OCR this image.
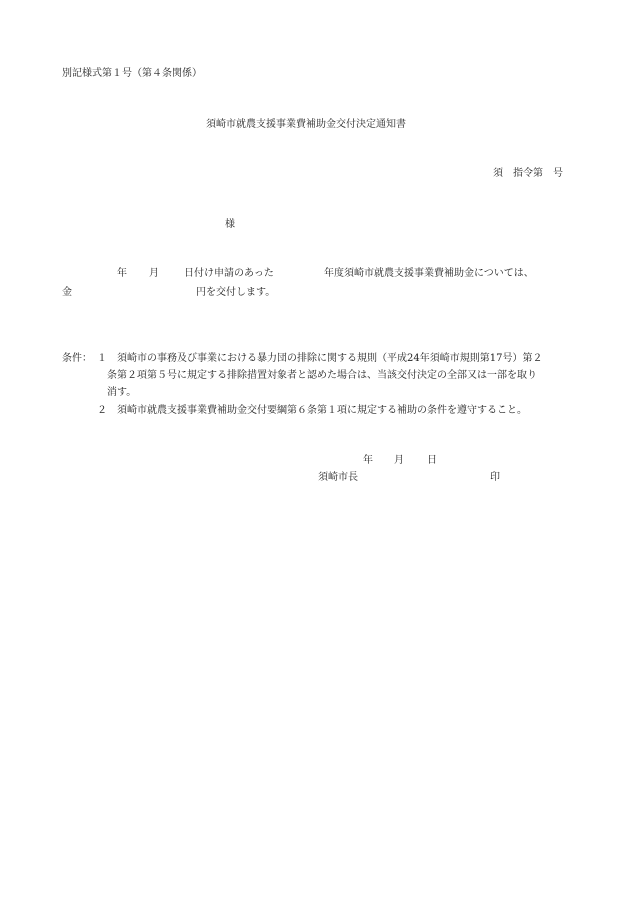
別記様式第１号（第４条関係）
須崎市就農支援事業費補助金交付決定通知書
須　指令第　号
様
年 月	日付け申請のあった	年度須崎市就農支援事業費補助金については、
金	円を交付します。
条件： １ 須崎市の事務及び事業における暴力団の排除に関する規則（平成24年須崎市規則第17号）第２
条第２項第５号に規定する排除措置対象者と認めた場合は、当該交付決定の全部又は一部を取り
消す。
２ 須崎市就農支援事業費補助金交付要綱第６条第１項に規定する補助の条件を遵守すること。
年 月 日
須崎市長	印
